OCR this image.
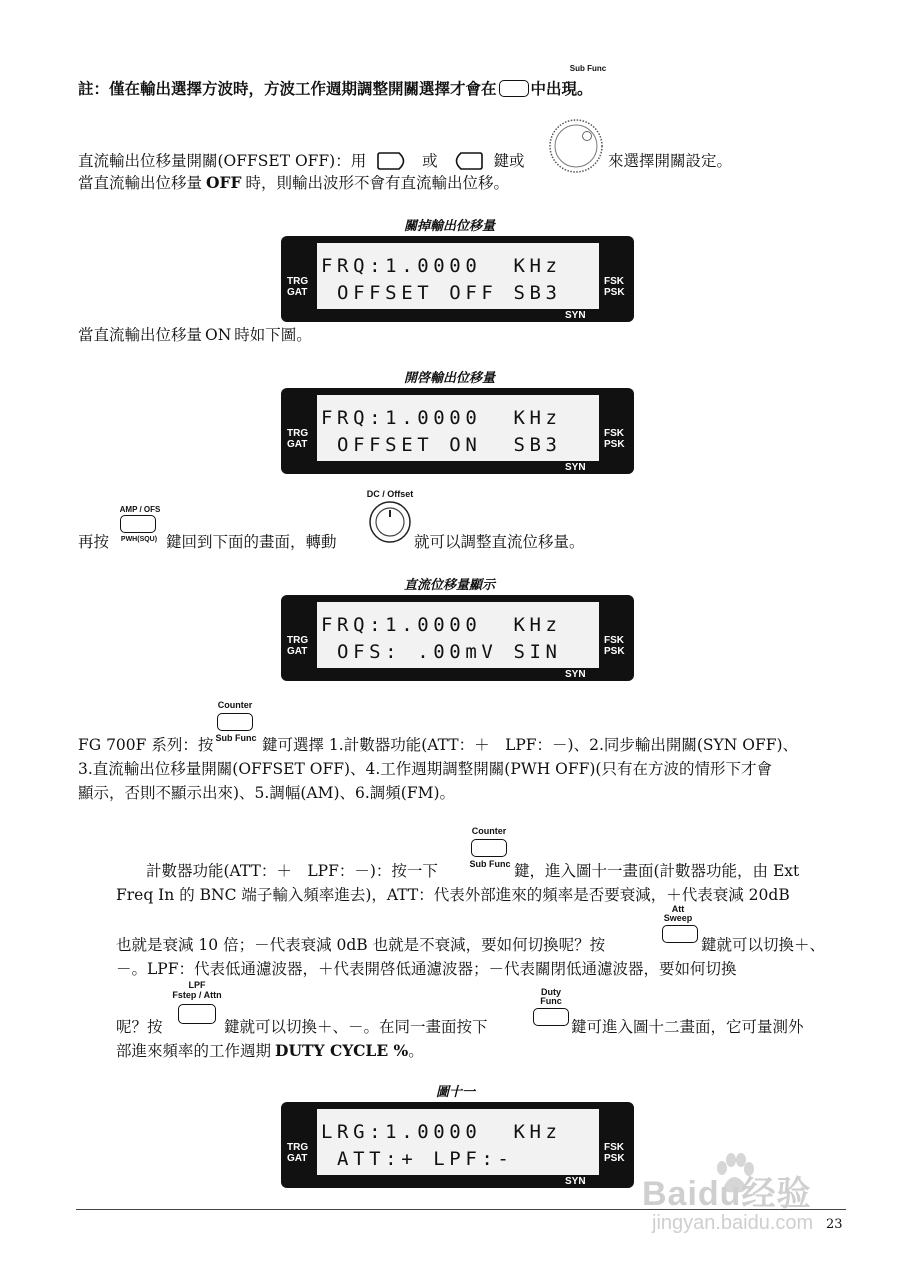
Sub Func
註：僅在輸出選擇方波時，方波工作週期調整開關選擇才會在 中出現。
直流輸出位移量開關(OFFSET OFF)：用	或	鍵或	來選擇開關設定。
當直流輸出位移量 OFF 時，則輸出波形不會有直流輸出位移。
關掉輸出位移量
FRQ:1.0000  KHz
OFFSET OFF SB3
TRG
GAT
FSK
PSK
SYN
當直流輸出位移量 ON 時如下圖。
開啓輸出位移量
FRQ:1.0000  KHz
OFFSET ON  SB3
TRG
GAT
FSK
PSK
SYN
AMP / OFS
PWH(SQU)
再按	鍵回到下面的畫面，轉動
DC / Offset
就可以調整直流位移量。
直流位移量顯示
FRQ:1.0000  KHz
OFS: .00mV SIN
TRG
GAT
FSK
PSK
SYN
Counter
Sub Func
FG 700F 系列：按	鍵可選擇 1.計數器功能(ATT：＋　LPF：－)、2.同步輸出開關(SYN OFF)、
3.直流輸出位移量開關(OFFSET OFF)、4.工作週期調整開關(PWH OFF)(只有在方波的情形下才會
顯示，否則不顯示出來)、5.調幅(AM)、6.調頻(FM)。
Counter
Sub Func
計數器功能(ATT：＋　LPF：－)：按一下	鍵，進入圖十一畫面(計數器功能，由 Ext
Freq In 的 BNC 端子輸入頻率進去)，ATT：代表外部進來的頻率是否要衰減，＋代表衰減 20dB
Att
Sweep
也就是衰減 10 倍；－代表衰減 0dB 也就是不衰減，要如何切換呢？按	鍵就可以切換＋、
－。LPF：代表低通濾波器，＋代表開啓低通濾波器；－代表關閉低通濾波器，要如何切換
LPF
Fstep / Attn	Duty
Func
呢？按	鍵就可以切換＋、－。在同一畫面按下	鍵可進入圖十二畫面，它可量測外
部進來頻率的工作週期 DUTY CYCLE %。
圖十一
LRG:1.0000  KHz
ATT:+ LPF:-
TRG
GAT
FSK
PSK
SYN
23
Baidu经验
jingyan.baidu.com
